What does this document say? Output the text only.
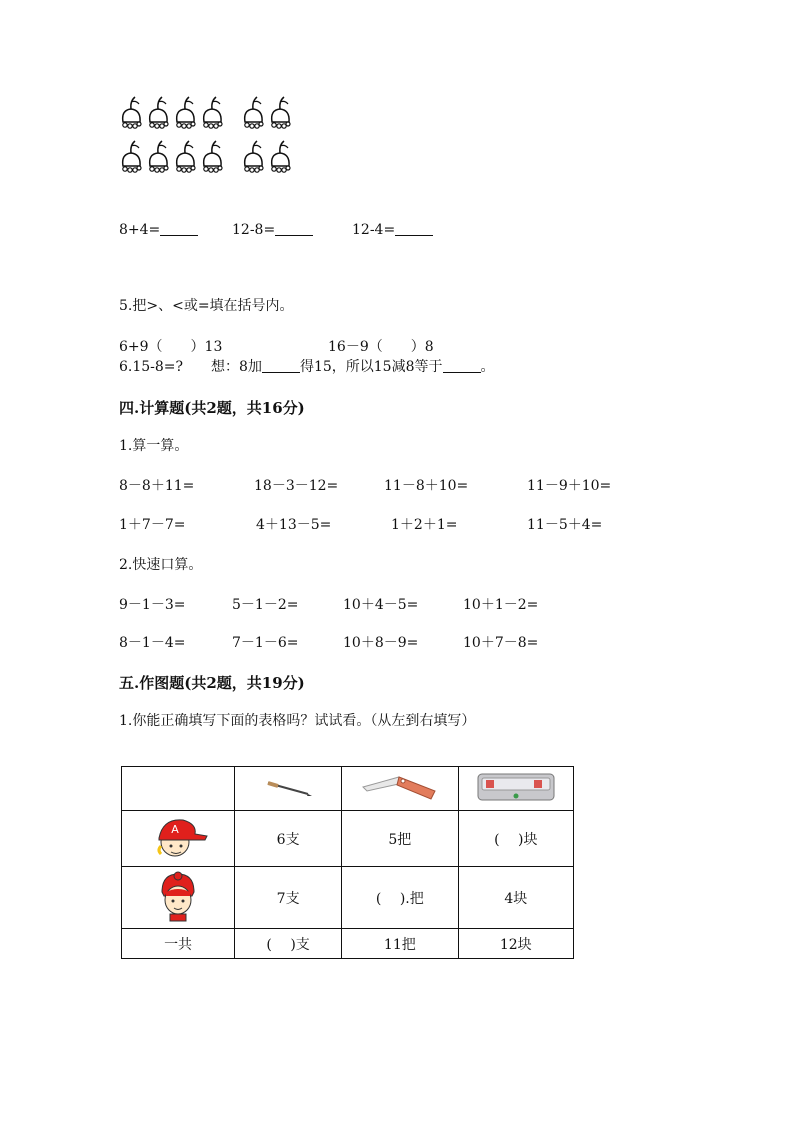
8+4=	12-8=	12-4=
5.把>、<或=填在括号内。
6+9（　　）13	16－9（　　）8
6.15-8=?　　想：8加	得15，所以15减8等于	。
四.计算题(共2题，共16分)
1.算一算。
8－8＋11=	18－3－12=	11－8＋10=	11－9＋10=
1＋7－7=	4＋13－5=	1＋2＋1=	11－5＋4=
2.快速口算。
9－1－3=	5－1－2=	10＋4－5=	10＋1－2=
8－1－4=	7－1－6=	10＋8－9=	10＋7－8=
五.作图题(共2题，共19分)
1.你能正确填写下面的表格吗？试试看。（从左到右填写）

A	6支	5把	(　 )块
	7支	(　 ).把	4块
一共	(　 )支	11把	12块
